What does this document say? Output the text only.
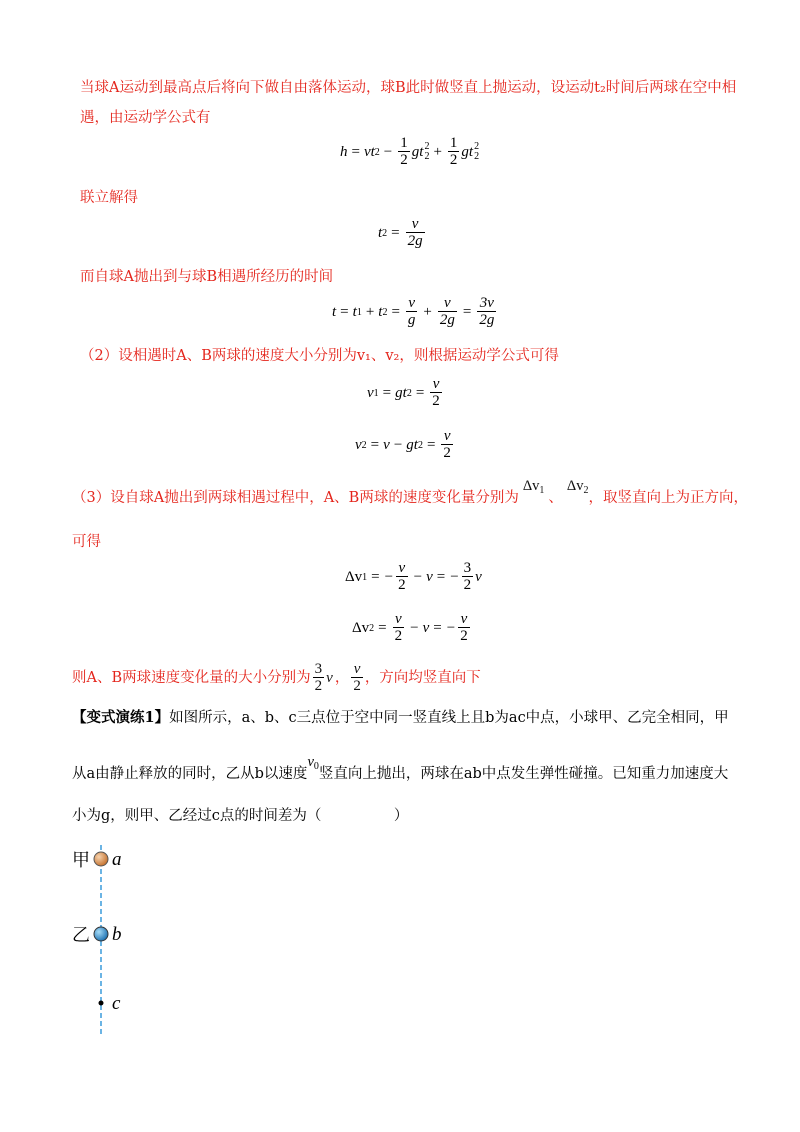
当球A运动到最高点后将向下做自由落体运动，球B此时做竖直上抛运动，设运动t₂时间后两球在空中相
遇，由运动学公式有
h = vt $2 - \frac{1}{2}$ gt 2
$2 + \frac{1}{2}$ gt 2
2
联立解得
t $2 = \frac{v}{2g}$
而自球A抛出到与球B相遇所经历的时间
t = t 1 + t $2 = \frac{v}{g} + \frac{v}{2g} = \frac{3v}{2g}$
（2）设相遇时A、B两球的速度大小分别为v₁、v₂，则根据运动学公式可得
v 1 = gt $2 = \frac{v}{2}$
v 2 = v − gt $2 = \frac{v}{2}$
（3）设自球A抛出到两球相遇过程中，A、B两球的速度变化量分别为$\Delta v_1$ 、$\Delta v_2$，取竖直向上为正方向，
可得
Δv 1 = − $\frac{v}{2} - v$ = − $\frac{3}{2}$ v
Δv $2 = \frac{v}{2} - v$ = − $\frac{v}{2}$
则A、B两球速度变化量的大小分别为 $\frac{3}{2}$ v ， $\frac{v}{2}$ ，方向均竖直向下
【变式演练1】如图所示，a、b、c三点位于空中同一竖直线上且b为ac中点，小球甲、乙完全相同，甲
从a由静止释放的同时，乙从b以速度$v_0$竖直向上抛出，两球在ab中点发生弹性碰撞。已知重力加速度大
小为g，则甲、乙经过c点的时间差为（　　　　　）
甲 a
乙 b
c
